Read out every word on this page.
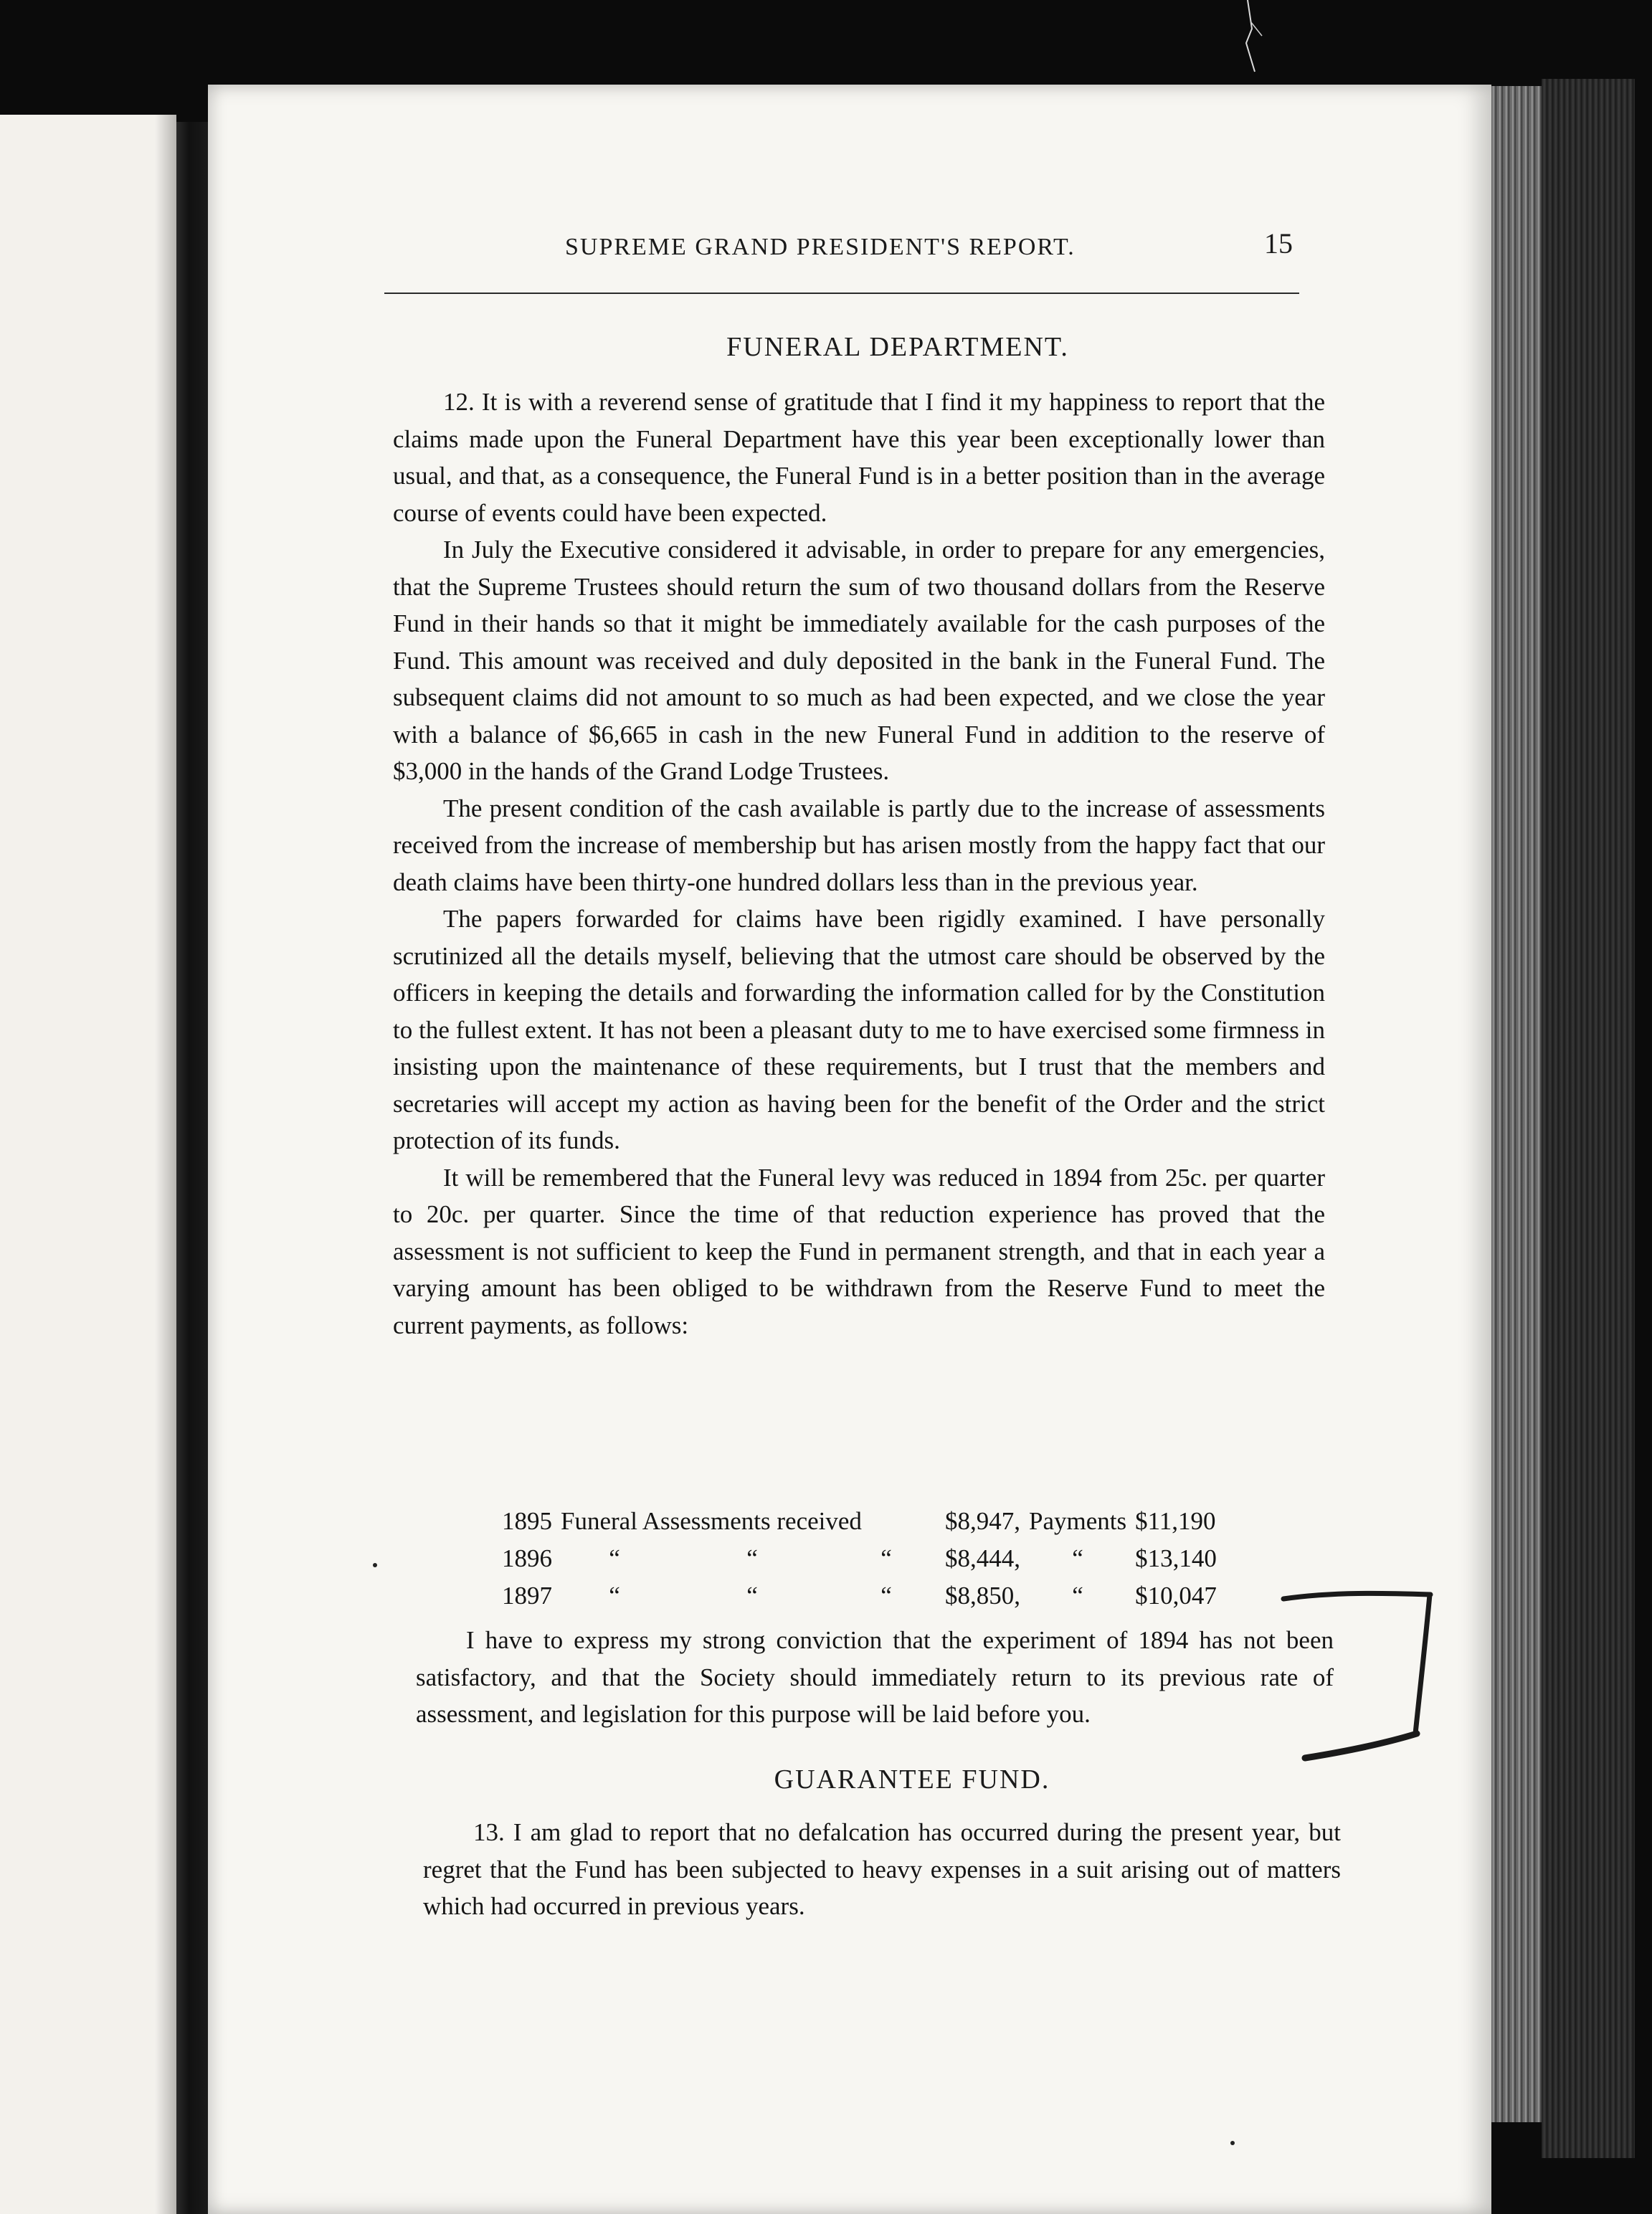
SUPREME GRAND PRESIDENT'S REPORT.	15
FUNERAL DEPARTMENT.

12. It is with a reverend sense of gratitude that I find it my happiness to report that the claims made upon the Funeral Department have this year been exceptionally lower than usual, and that, as a consequence, the Funeral Fund is in a better position than in the average course of events could have been expected.

In July the Executive considered it advisable, in order to prepare for any emergencies, that the Supreme Trustees should return the sum of two thousand dollars from the Reserve Fund in their hands so that it might be immediately available for the cash purposes of the Fund. This amount was received and duly deposited in the bank in the Funeral Fund. The subsequent claims did not amount to so much as had been expected, and we close the year with a balance of $6,665 in cash in the new Funeral Fund in addition to the reserve of $3,000 in the hands of the Grand Lodge Trustees.

The present condition of the cash available is partly due to the increase of assessments received from the increase of membership but has arisen mostly from the happy fact that our death claims have been thirty-one hundred dollars less than in the previous year.

The papers forwarded for claims have been rigidly examined. I have personally scrutinized all the details myself, believing that the utmost care should be observed by the officers in keeping the details and forwarding the information called for by the Constitution to the fullest extent. It has not been a pleasant duty to me to have exercised some firmness in insisting upon the maintenance of these requirements, but I trust that the members and secretaries will accept my action as having been for the benefit of the Order and the strict protection of its funds.

It will be remembered that the Funeral levy was reduced in 1894 from 25c. per quarter to 20c. per quarter. Since the time of that reduction experience has proved that the assessment is not sufficient to keep the Fund in permanent strength, and that in each year a varying amount has been obliged to be withdrawn from the Reserve Fund to meet the current payments, as follows:

1895	Funeral Assessments received			$8,947,	Payments	$11,190
1896	“	“	“	$8,444,	“	$13,140
1897	“	“	“	$8,850,	“	$10,047

I have to express my strong conviction that the experiment of 1894 has not been satisfactory, and that the Society should immediately return to its previous rate of assessment, and legislation for this purpose will be laid before you.

GUARANTEE FUND.

13. I am glad to report that no defalcation has occurred during the present year, but regret that the Fund has been subjected to heavy expenses in a suit arising out of matters which had occurred in previous years.
